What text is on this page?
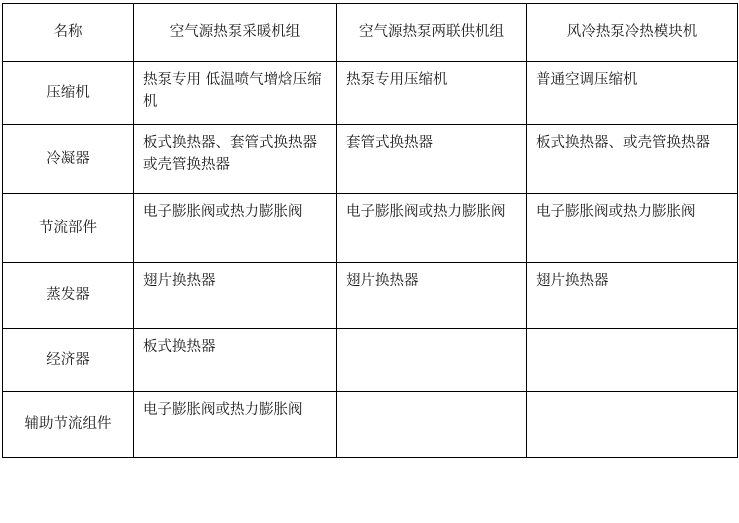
名称	空气源热泵采暖机组	空气源热泵两联供机组	风冷热泵冷热模块机
压缩机	热泵专用 低温喷气增焓压缩机	热泵专用压缩机	普通空调压缩机
冷凝器	板式换热器、套管式换热器或壳管换热器	套管式换热器	板式换热器、或壳管换热器
节流部件	电子膨胀阀或热力膨胀阀	电子膨胀阀或热力膨胀阀	电子膨胀阀或热力膨胀阀
蒸发器	翅片换热器	翅片换热器	翅片换热器
经济器	板式换热器		
辅助节流组件	电子膨胀阀或热力膨胀阀		
